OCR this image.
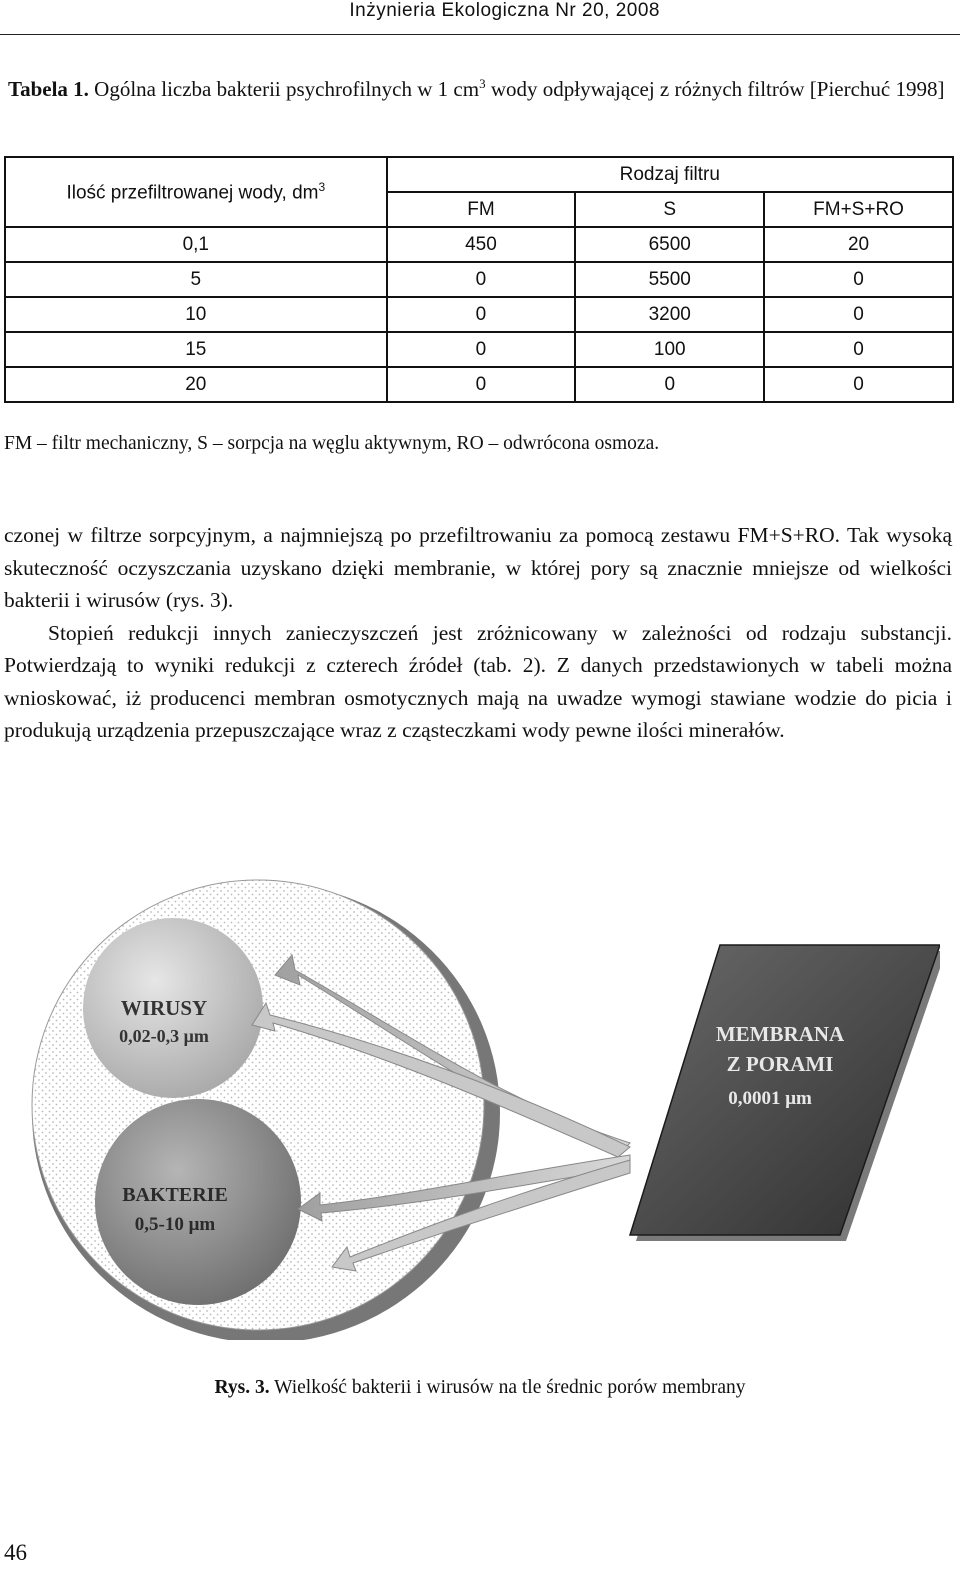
Inżynieria Ekologiczna Nr 20, 2008
Tabela 1. Ogólna liczba bakterii psychrofilnych w 1 $cm^3$ wody odpływającej z różnych filtrów [Pierchuć 1998]
Ilość przefiltrowanej wody, $dm^3$	Rodzaj filtru		
	FM	S	FM+S+RO
0,1	450	6500	20
5	0	5500	0
10	0	3200	0
15	0	100	0
20	0	0	0
FM – filtr mechaniczny, S – sorpcja na węglu aktywnym, RO – odwrócona osmoza.

czonej w filtrze sorpcyjnym, a najmniejszą po przefiltrowaniu za pomocą zestawu FM+S+RO. Tak wysoką skuteczność oczyszczania uzyskano dzięki membranie, w której pory są znacznie mniejsze od wielkości bakterii i wirusów (rys. 3).

Stopień redukcji innych zanieczyszczeń jest zróżnicowany w zależności od rodzaju substancji. Potwierdzają to wyniki redukcji z czterech źródeł (tab. 2). Z danych przedstawionych w tabeli można wnioskować, iż producenci membran osmotycznych mają na uwadze wymogi stawiane wodzie do picia i produkują urządzenia przepuszczające wraz z cząsteczkami wody pewne ilości minerałów.

WIRUSY
0,02-0,3 μm
BAKTERIE
0,5-10 μm
MEMBRANA
Z PORAMI
0,0001 μm
Rys. 3. Wielkość bakterii i wirusów na tle średnic porów membrany
46
